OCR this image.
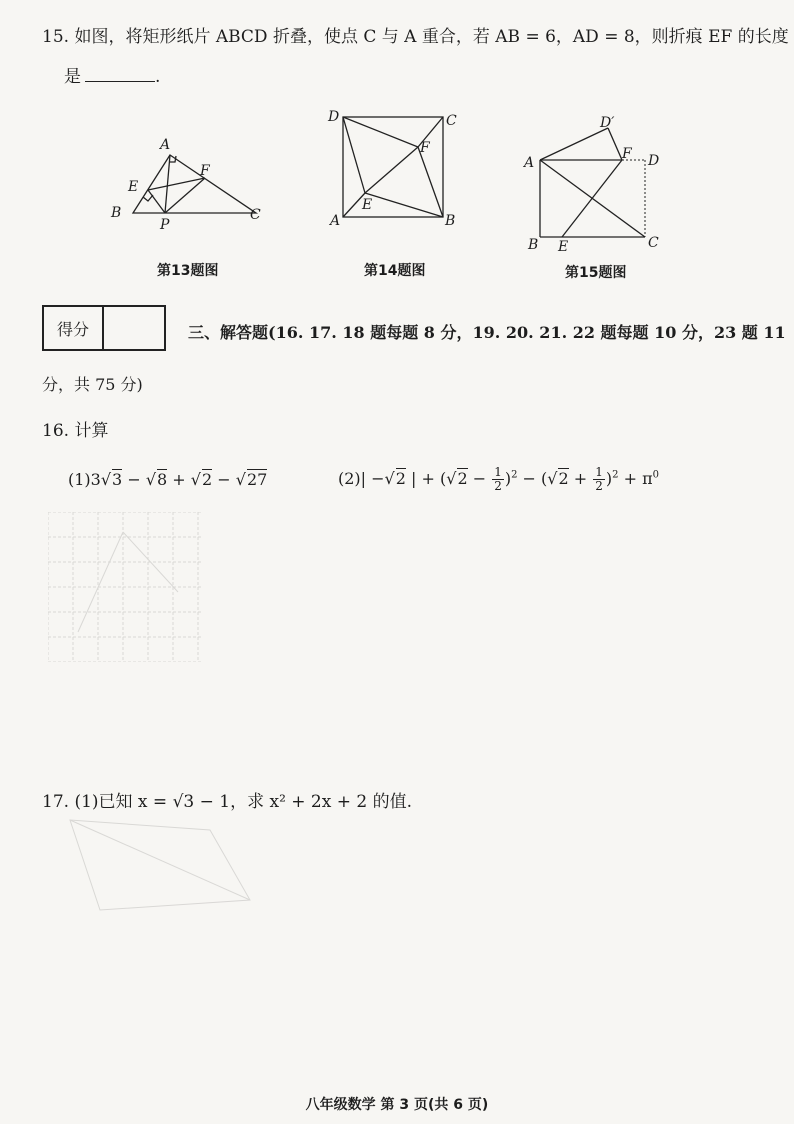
15. 如图，将矩形纸片 ABCD 折叠，使点 C 与 A 重合，若 AB = 6，AD = 8，则折痕 EF 的长度
是	.
A
E
F
B
P
C
第13题图
D	C
F
E
A	B
第14题图
D′
F D
A
B E	C
第15题图
得分	三、解答题(16. 17. 18 题每题 8 分，19. 20. 21. 22 题每题 10 分，23 题 11
分，共 75 分)
16. 计算
(1)3√3 − √8 + √2 − √27	(2)| −√2 | + $(√2 - \frac{1}{2} )^2 - (√2 + \frac{1}{2} )^2 + \pi^0$
17. (1)已知 x = √3 − 1，求 x² + 2x + 2 的值.
八年级数学 第 3 页(共 6 页)
